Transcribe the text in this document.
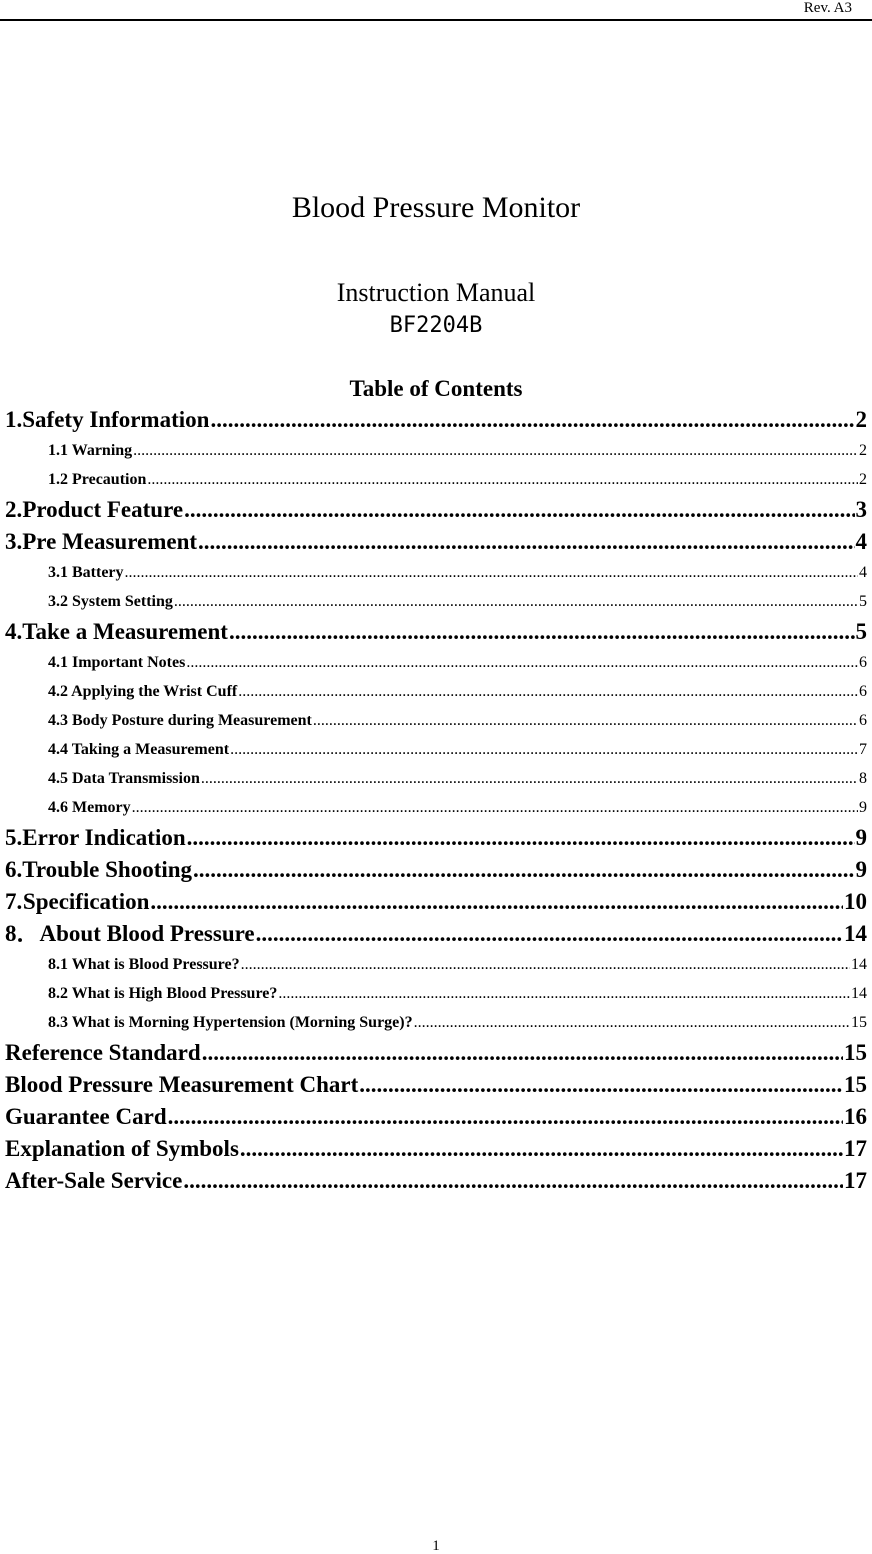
Rev. A3
Blood Pressure Monitor
Instruction Manual
BF2204B
Table of Contents
1. Safety Information .....	2
1.1 Warning .....	2
1.2 Precaution .....	2
2. Product Feature .....	3
3. Pre Measurement .....	4
3.1 Battery .....	4
3.2 System Setting .....	5
4. Take a Measurement .....	5
4.1 Important Notes .....	6
4.2 Applying the Wrist Cuff .....	6
4.3 Body Posture during Measurement .....	6
4.4 Taking a Measurement .....	7
4.5 Data Transmission .....	8
4.6 Memory .....	9
5. Error Indication .....	9
6. Trouble Shooting .....	9
7. Specification .....	10
8． About Blood Pressure .....	14
8.1 What is Blood Pressure? .....	14
8.2 What is High Blood Pressure? .....	14
8.3 What is Morning Hypertension (Morning Surge)? .....	15
Reference Standard .....	15
Blood Pressure Measurement Chart .....	15
Guarantee Card .....	16
Explanation of Symbols .....	17
After-Sale Service .....	17
1
